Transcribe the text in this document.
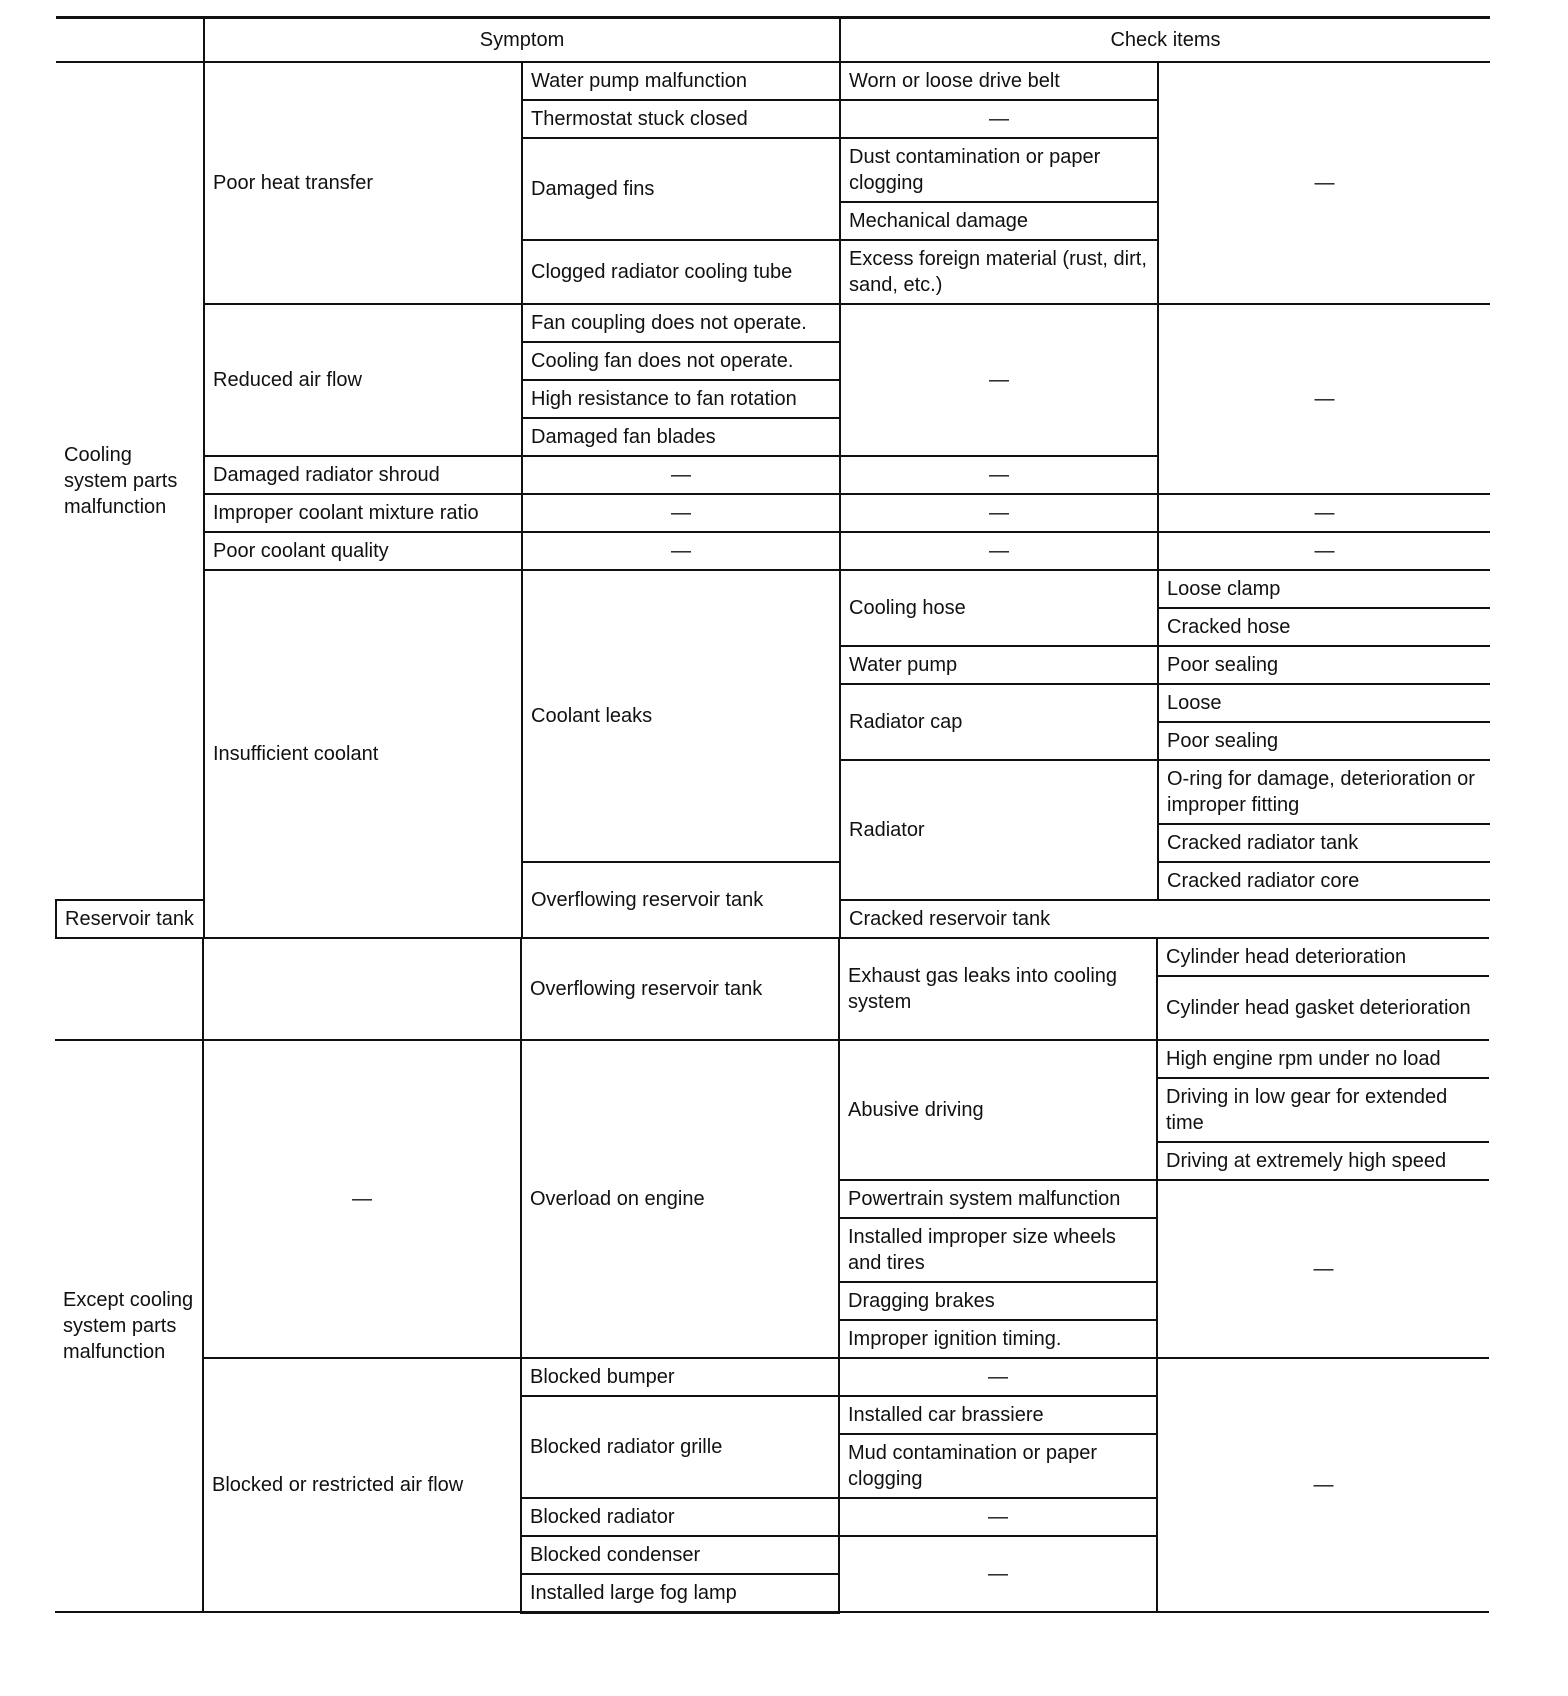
	Symptom		Check items	
Cooling system parts malfunction	Poor heat transfer	Water pump malfunction	Worn or loose drive belt	—
		Thermostat stuck closed	—	
		Damaged fins	Dust contamination or paper clogging	
			Mechanical damage	
		Clogged radiator cooling tube	Excess foreign material (rust, dirt, sand, etc.)	

	Reduced air flow	Fan coupling does not operate.	—	—
		Cooling fan does not operate.		
		High resistance to fan rotation		
		Damaged fan blades		
	Damaged radiator shroud	—	—	
	Improper coolant mixture ratio	—	—	—
	Poor coolant quality	—	—	—
	Insufficient coolant	Coolant leaks	Cooling hose	Loose clamp
				Cracked hose
			Water pump	Poor sealing
			Radiator cap	Loose
				Poor sealing
			Radiator	O-ring for damage, deterioration or improper fitting
				Cracked radiator tank
		Overflowing reservoir tank		Cracked radiator core
Reservoir tank			Cracked reservoir tank	
		Overflowing reservoir tank	Exhaust gas leaks into cooling system	Cylinder head deterioration
				Cylinder head gasket deterioration
Except cooling system parts malfunction	—	Overload on engine	Abusive driving	High engine rpm under no load
				Driving in low gear for extended time
				Driving at extremely high speed
			Powertrain system malfunction	—
			Installed improper size wheels and tires	
			Dragging brakes	
			Improper ignition timing.	
	Blocked or restricted air flow	Blocked bumper	—	—
		Blocked radiator grille	Installed car brassiere	
			Mud contamination or paper clogging	
		Blocked radiator	—	
		Blocked condenser	—	
		Installed large fog lamp		
